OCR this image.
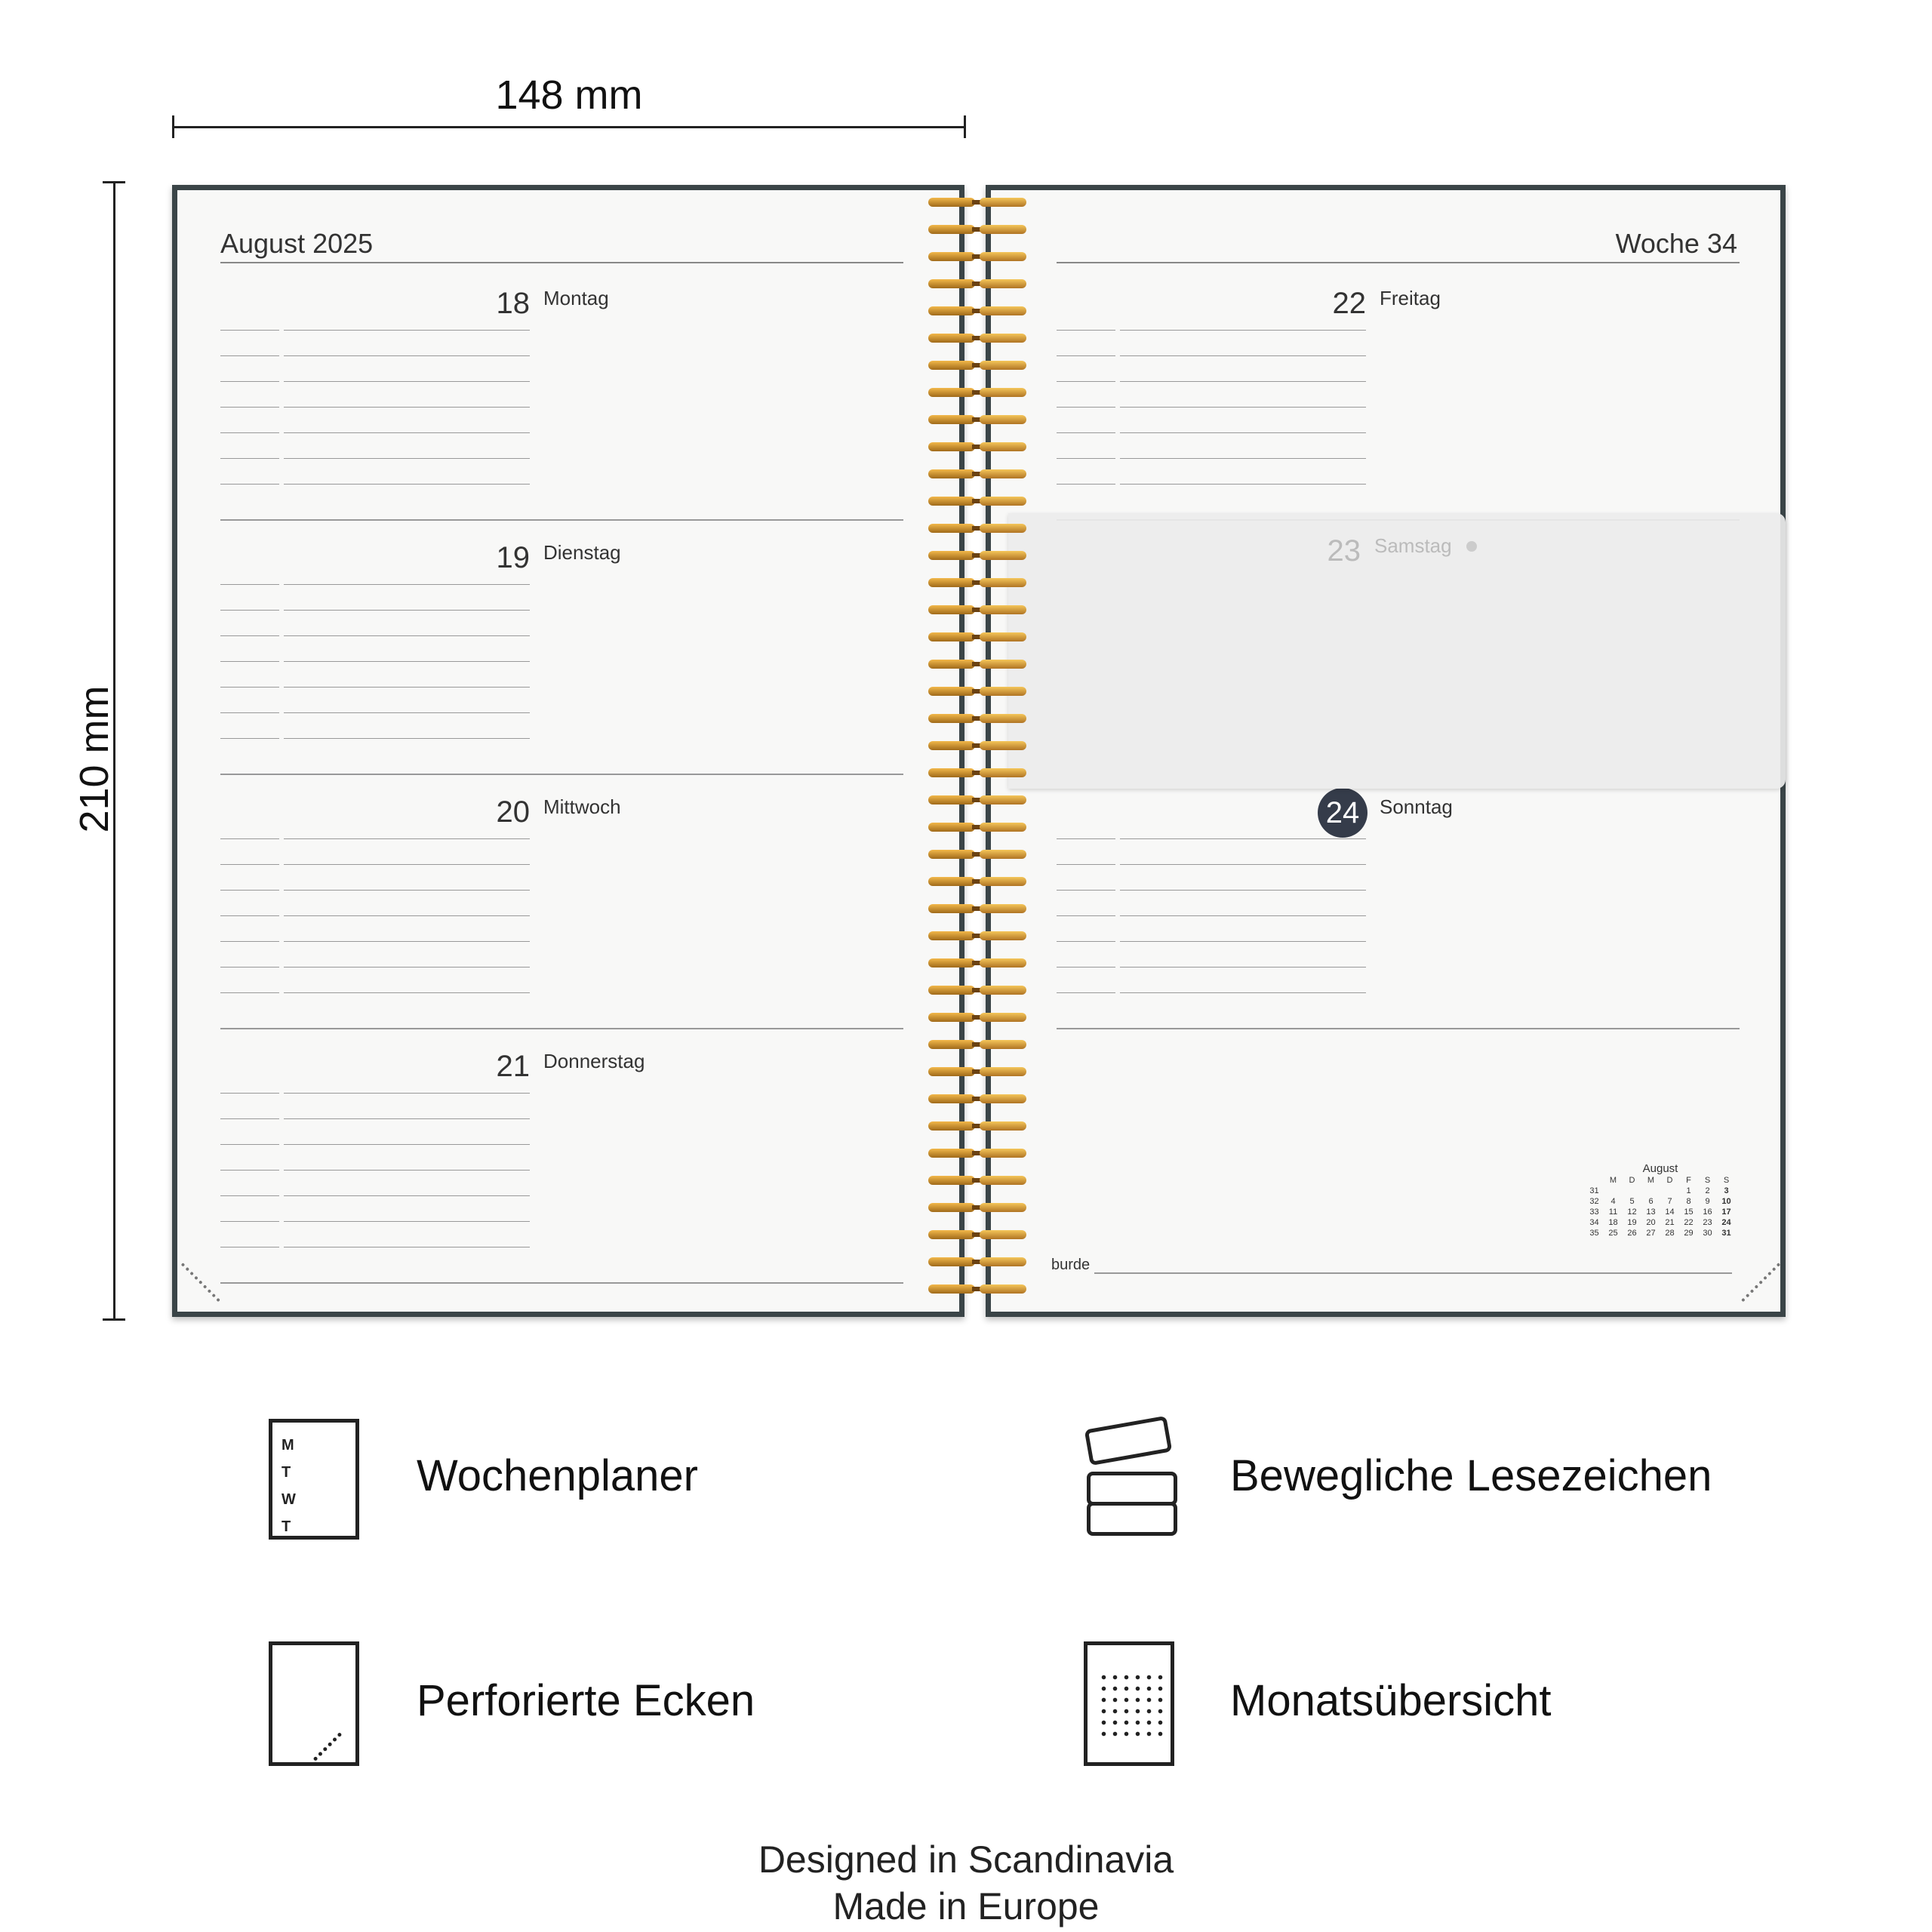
148 mm
210 mm
August 2025
18 Montag
19 Dienstag
20 Mittwoch
21 Donnerstag
Woche 34
22 Freitag
24	Sonntag
23 Samstag
August
	M	D	M	D	F	S	S
31					1	2	3
32	4	5	6	7	8	9	10
33	11	12	13	14	15	16	17
34	18	19	20	21	22	23	24
35	25	26	27	28	29	30	31
burde
M
T
W
T
Wochenplaner	Bewegliche Lesezeichen
Perforierte Ecken	Monatsübersicht
Designed in Scandinavia
Made in Europe
